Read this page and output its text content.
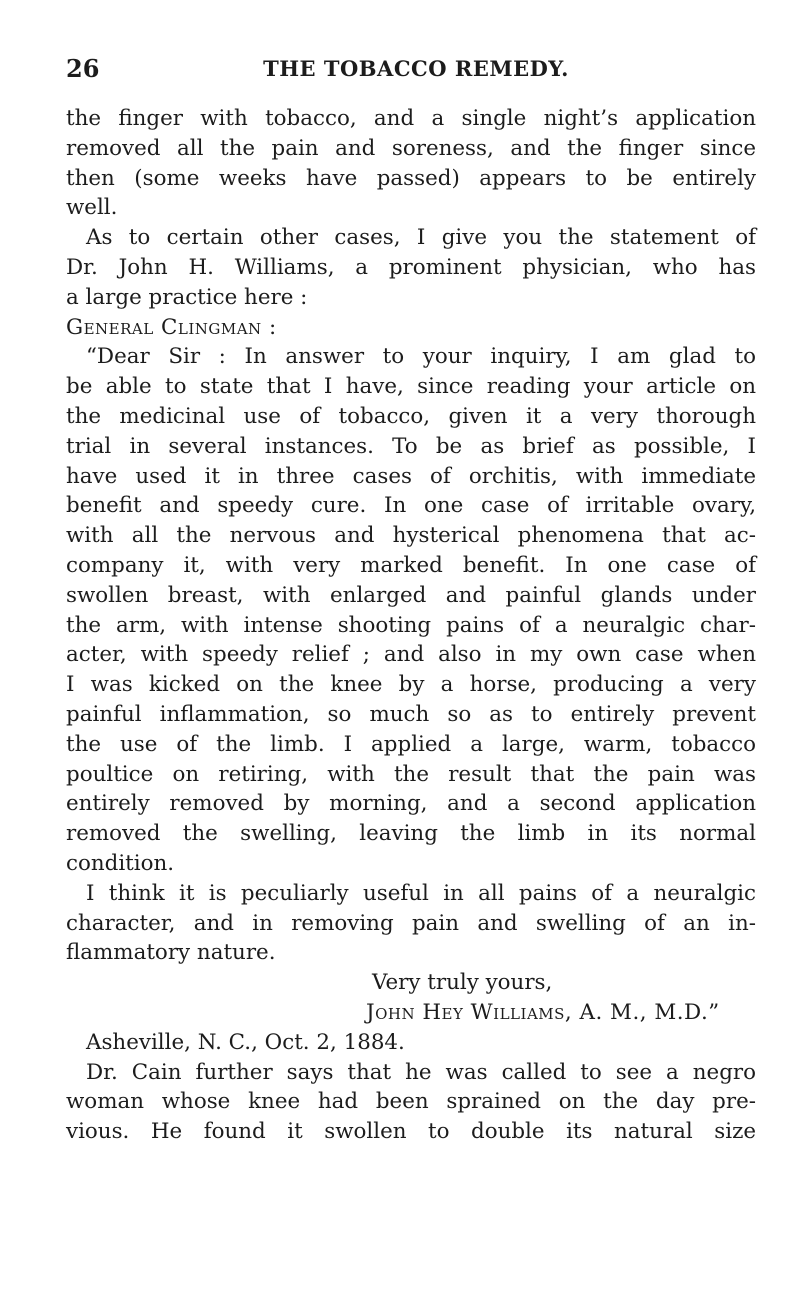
26	THE TOBACCO REMEDY.
the finger with tobacco, and a single night’s application
removed all the pain and soreness, and the finger since
then (some weeks have passed) appears to be entirely
well.
As to certain other cases, I give you the statement of
Dr. John H. Williams, a prominent physician, who has
a large practice here :
General Clingman :
“Dear Sir : In answer to your inquiry, I am glad to
be able to state that I have, since reading your article on
the medicinal use of tobacco, given it a very thorough
trial in several instances. To be as brief as possible, I
have used it in three cases of orchitis, with immediate
benefit and speedy cure. In one case of irritable ovary,
with all the nervous and hysterical phenomena that ac-
company it, with very marked benefit. In one case of
swollen breast, with enlarged and painful glands under
the arm, with intense shooting pains of a neuralgic char-
acter, with speedy relief ; and also in my own case when
I was kicked on the knee by a horse, producing a very
painful inflammation, so much so as to entirely prevent
the use of the limb. I applied a large, warm, tobacco
poultice on retiring, with the result that the pain was
entirely removed by morning, and a second application
removed the swelling, leaving the limb in its normal
condition.
I think it is peculiarly useful in all pains of a neuralgic
character, and in removing pain and swelling of an in-
flammatory nature.
Very truly yours,
John Hey Williams, A. M., M.D.”
Asheville, N. C., Oct. 2, 1884.
Dr. Cain further says that he was called to see a negro
woman whose knee had been sprained on the day pre-
vious. He found it swollen to double its natural size
